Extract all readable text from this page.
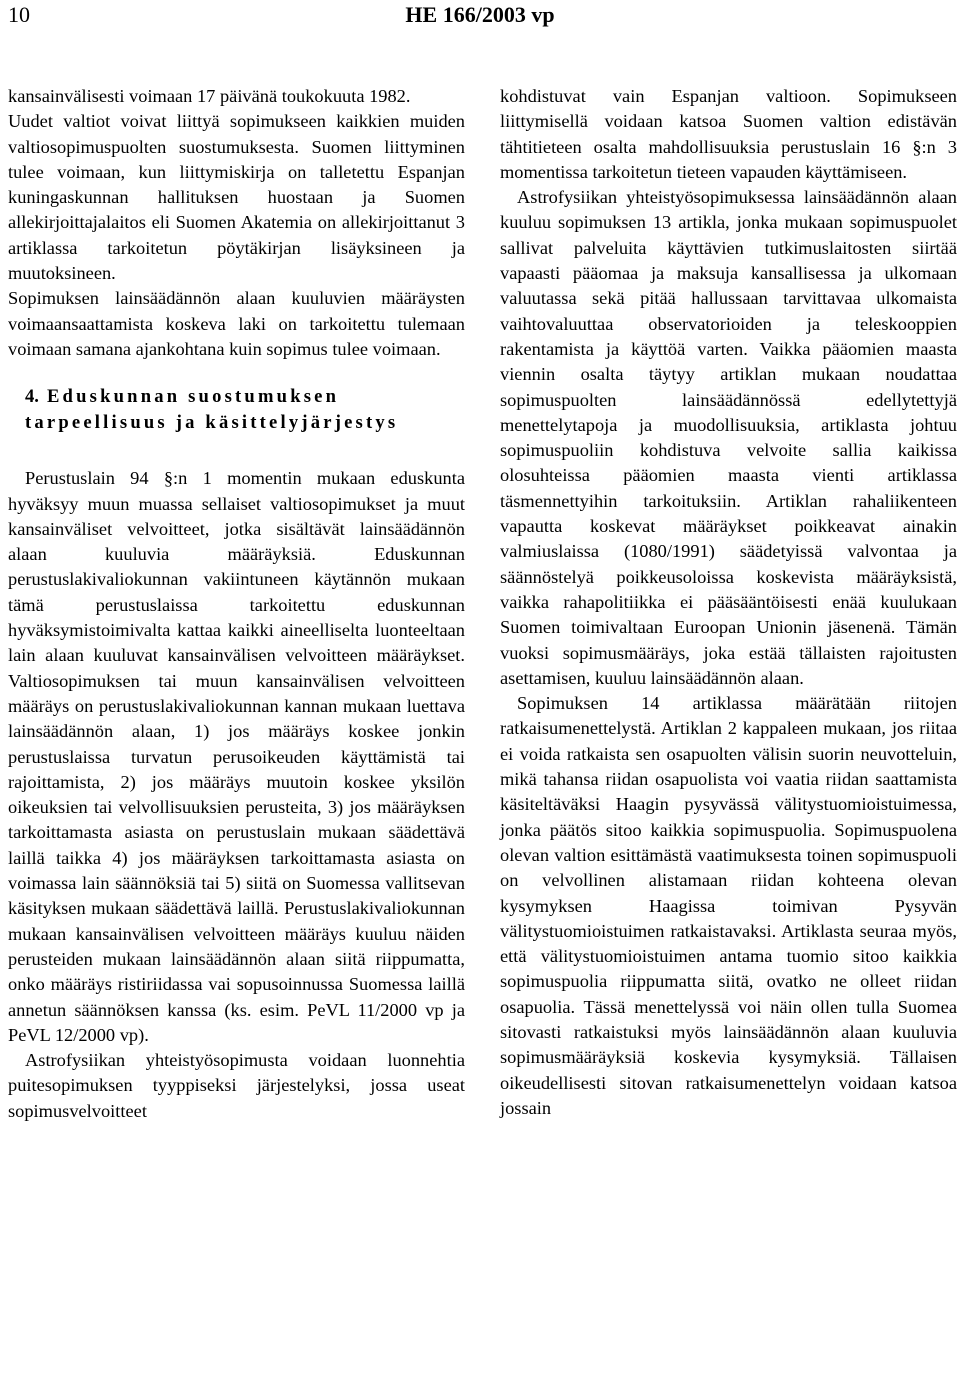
10	HE 166/2003 vp

kansainvälisesti voimaan 17 päivänä toukokuuta 1982.

Uudet valtiot voivat liittyä sopimukseen kaikkien muiden valtiosopimuspuolten suostumuksesta. Suomen liittyminen tulee voimaan, kun liittymiskirja on talletettu Espanjan kuningaskunnan hallituksen huostaan ja Suomen allekirjoittajalaitos eli Suomen Akatemia on allekirjoittanut 3 artiklassa tarkoitetun pöytäkirjan lisäyksineen ja muutoksineen.

Sopimuksen lainsäädännön alaan kuuluvien määräysten voimaansaattamista koskeva laki on tarkoitettu tulemaan voimaan samana ajankohtana kuin sopimus tulee voimaan.

4. Eduskunnan suostumuksen tarpeellisuus ja käsittelyjärjestys

Perustuslain 94 §:n 1 momentin mukaan eduskunta hyväksyy muun muassa sellaiset valtiosopimukset ja muut kansainväliset velvoitteet, jotka sisältävät lainsäädännön alaan kuuluvia määräyksiä. Eduskunnan perustuslakivaliokunnan vakiintuneen käytännön mukaan tämä perustuslaissa tarkoitettu eduskunnan hyväksymistoimivalta kattaa kaikki aineelliselta luonteeltaan lain alaan kuuluvat kansainvälisen velvoitteen määräykset. Valtiosopimuksen tai muun kansainvälisen velvoitteen määräys on perustuslakivaliokunnan kannan mukaan luettava lainsäädännön alaan, 1) jos määräys koskee jonkin perustuslaissa turvatun perusoikeuden käyttämistä tai rajoittamista, 2) jos määräys muutoin koskee yksilön oikeuksien tai velvollisuuksien perusteita, 3) jos määräyksen tarkoittamasta asiasta on perustuslain mukaan säädettävä laillä taikka 4) jos määräyksen tarkoittamasta asiasta on voimassa lain säännöksiä tai 5) siitä on Suomessa vallitsevan käsityksen mukaan säädettävä laillä. Perustuslakivaliokunnan mukaan kansainvälisen velvoitteen määräys kuuluu näiden perusteiden mukaan lainsäädännön alaan siitä riippumatta, onko määräys ristiriidassa vai sopusoinnussa Suomessa laillä annetun säännöksen kanssa (ks. esim. PeVL 11/2000 vp ja PeVL 12/2000 vp).

Astrofysiikan yhteistyösopimusta voidaan luonnehtia puitesopimuksen tyyppiseksi järjestelyksi, jossa useat sopimusvelvoitteet

kohdistuvat vain Espanjan valtioon. Sopimukseen liittymisellä voidaan katsoa Suomen valtion edistävän tähtitieteen osalta mahdollisuuksia perustuslain 16 §:n 3 momentissa tarkoitetun tieteen vapauden käyttämiseen.

Astrofysiikan yhteistyösopimuksessa lainsäädännön alaan kuuluu sopimuksen 13 artikla, jonka mukaan sopimuspuolet sallivat palveluita käyttävien tutkimuslaitosten siirtää vapaasti pääomaa ja maksuja kansallisessa ja ulkomaan valuutassa sekä pitää hallussaan tarvittavaa ulkomaista vaihtovaluuttaa observatorioiden ja teleskooppien rakentamista ja käyttöä varten. Vaikka pääomien maasta viennin osalta täytyy artiklan mukaan noudattaa sopimuspuolten lainsäädännössä edellytettyjä menettelytapoja ja muodollisuuksia, artiklasta johtuu sopimuspuoliin kohdistuva velvoite sallia kaikissa olosuhteissa pääomien maasta vienti artiklassa täsmennettyihin tarkoituksiin. Artiklan rahaliikenteen vapautta koskevat määräykset poikkeavat ainakin valmiuslaissa (1080/1991) säädetyissä valvontaa ja säännöstelyä poikkeusoloissa koskevista määräyksistä, vaikka rahapolitiikka ei pääsääntöisesti enää kuulukaan Suomen toimivaltaan Euroopan Unionin jäsenenä. Tämän vuoksi sopimusmääräys, joka estää tällaisten rajoitusten asettamisen, kuuluu lainsäädännön alaan.

Sopimuksen 14 artiklassa määrätään riitojen ratkaisumenettelystä. Artiklan 2 kappaleen mukaan, jos riitaa ei voida ratkaista sen osapuolten välisin suorin neuvotteluin, mikä tahansa riidan osapuolista voi vaatia riidan saattamista käsiteltäväksi Haagin pysyvässä välitystuomioistuimessa, jonka päätös sitoo kaikkia sopimuspuolia. Sopimuspuolena olevan valtion esittämästä vaatimuksesta toinen sopimuspuoli on velvollinen alistamaan riidan kohteena olevan kysymyksen Haagissa toimivan Pysyvän välitystuomioistuimen ratkaistavaksi. Artiklasta seuraa myös, että välitystuomioistuimen antama tuomio sitoo kaikkia sopimuspuolia riippumatta siitä, ovatko ne olleet riidan osapuolia. Tässä menettelyssä voi näin ollen tulla Suomea sitovasti ratkaistuksi myös lainsäädännön alaan kuuluvia sopimusmääräyksiä koskevia kysymyksiä. Tällaisen oikeudellisesti sitovan ratkaisumenettelyn voidaan katsoa jossain
